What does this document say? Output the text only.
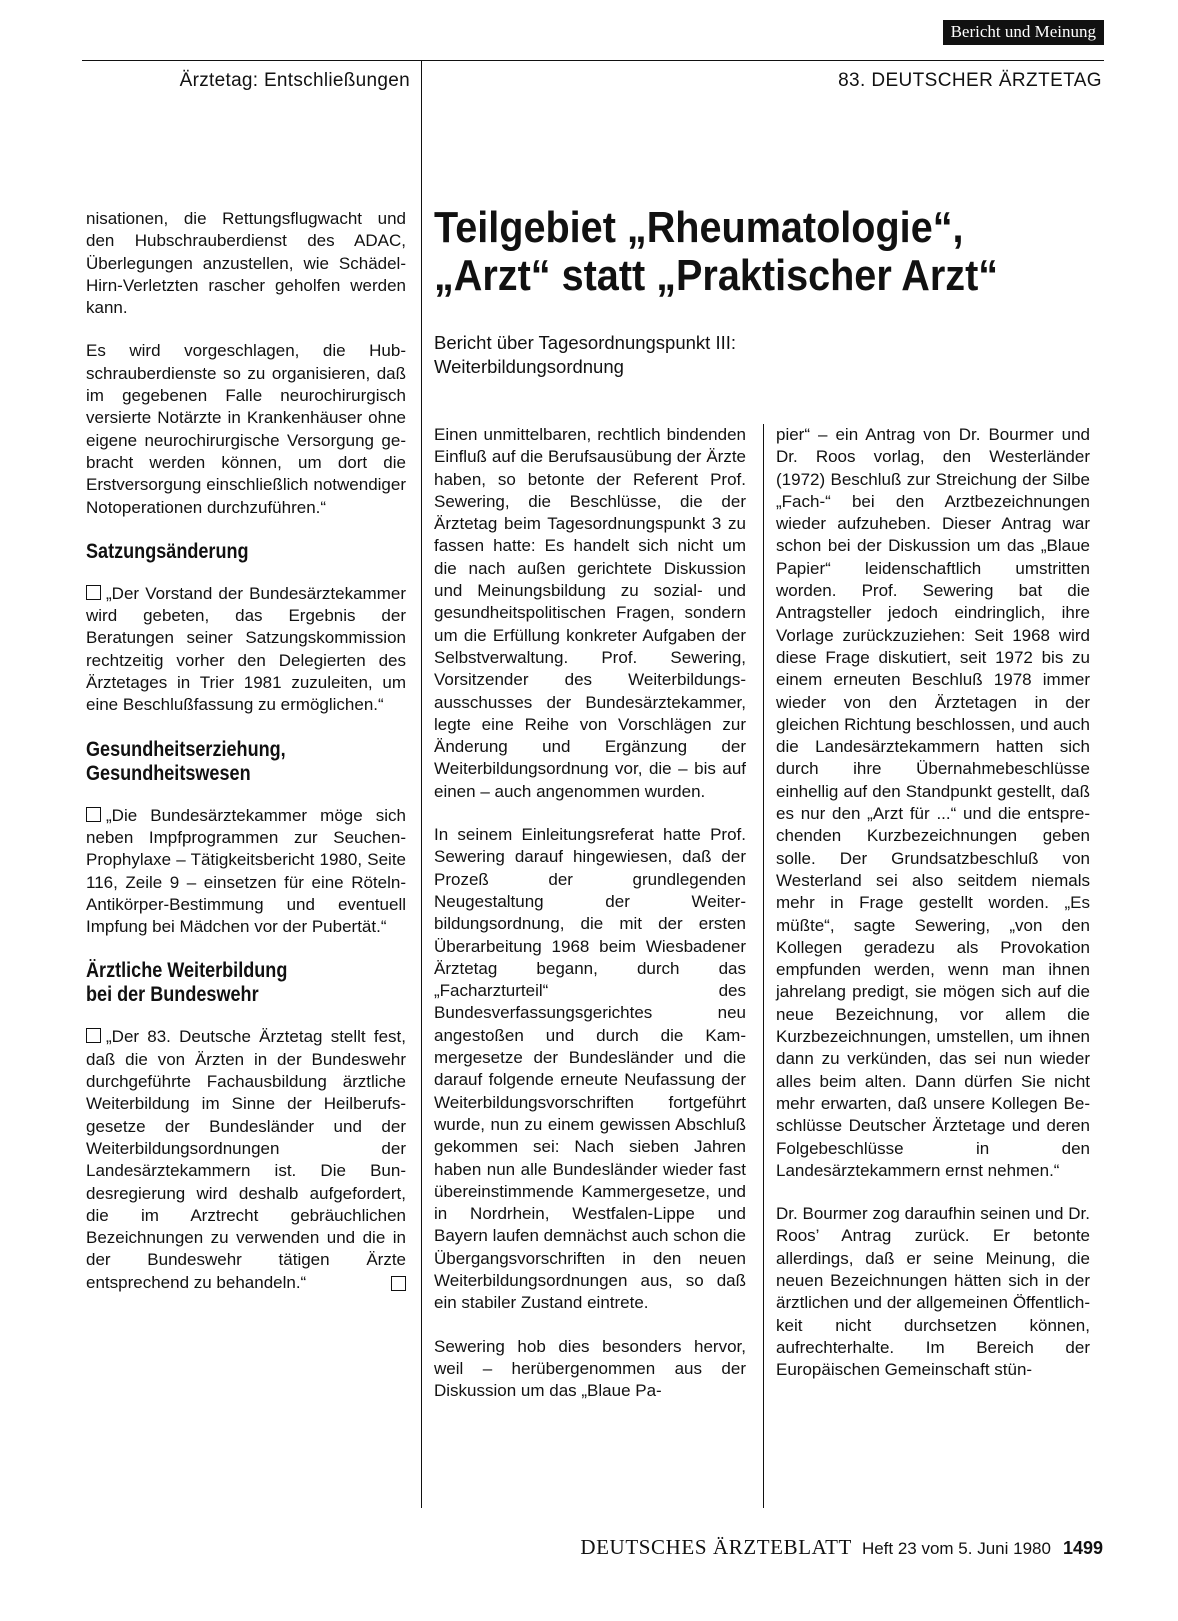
Bericht und Meinung
Ärztetag: Entschließungen	83. DEUTSCHER ÄRZTETAG

nisationen, die Rettungsflugwacht und den Hubschrauberdienst des ADAC, Überlegungen anzustellen, wie Schädel-Hirn-Verletzten rascher geholfen werden kann.

Es wird vorgeschlagen, die Hubschrauberdienste so zu organisieren, daß im gegebenen Falle neurochirurgisch versierte Notärzte in Krankenhäuser ohne eigene neurochirurgische Versorgung gebracht werden können, um dort die Erstversorgung einschließlich notwendiger Notoperationen durchzuführen.“

Satzungsänderung

„Der Vorstand der Bundesärztekammer wird gebeten, das Ergebnis der Beratungen seiner Satzungskommission rechtzeitig vorher den Delegierten des Ärztetages in Trier 1981 zuzuleiten, um eine Beschlußfassung zu ermöglichen.“

Gesundheitserziehung,
Gesundheitswesen

„Die Bundesärztekammer möge sich neben Impfprogrammen zur Seuchen-Prophylaxe – Tätigkeitsbericht 1980, Seite 116, Zeile 9 – einsetzen für eine Röteln-Antikörper-Bestimmung und eventuell Impfung bei Mädchen vor der Pubertät.“

Ärztliche Weiterbildung
bei der Bundeswehr

„Der 83. Deutsche Ärztetag stellt fest, daß die von Ärzten in der Bundeswehr durchgeführte Fachausbildung ärztliche Weiterbildung im Sinne der Heilberufsgesetze der Bundesländer und der Weiterbildungsordnungen der Landesärztekammern ist. Die Bundesregierung wird deshalb aufgefordert, die im Arztrecht gebräuchlichen Bezeichnungen zu verwenden und die in der Bundeswehr tätigen Ärzte entsprechend zu behandeln.“

Teilgebiet „Rheumatologie“,
„Arzt“ statt „Praktischer Arzt“
Bericht über Tagesordnungspunkt III:
Weiterbildungsordnung

Einen unmittelbaren, rechtlich bindenden Einfluß auf die Berufsausübung der Ärzte haben, so betonte der Referent Prof. Sewering, die Beschlüsse, die der Ärztetag beim Tagesordnungspunkt 3 zu fassen hatte: Es handelt sich nicht um die nach außen gerichtete Diskussion und Meinungsbildung zu sozial- und gesundheitspolitischen Fragen, sondern um die Erfüllung konkreter Aufgaben der Selbstverwaltung. Prof. Sewering, Vorsitzender des Weiterbildungsausschusses der Bundesärztekammer, legte eine Reihe von Vorschlägen zur Änderung und Ergänzung der Weiterbildungsordnung vor, die – bis auf einen – auch angenommen wurden.

In seinem Einleitungsreferat hatte Prof. Sewering darauf hingewiesen, daß der Prozeß der grundlegenden Neugestaltung der Weiterbildungsordnung, die mit der ersten Überarbeitung 1968 beim Wiesbadener Ärztetag begann, durch das „Facharzturteil“ des Bundesverfassungsgerichtes neu angestoßen und durch die Kammergesetze der Bundesländer und die darauf folgende erneute Neufassung der Weiterbildungsvorschriften fortgeführt wurde, nun zu einem gewissen Abschluß gekommen sei: Nach sieben Jahren haben nun alle Bundesländer wieder fast übereinstimmende Kammergesetze, und in Nordrhein, Westfalen-Lippe und Bayern laufen demnächst auch schon die Übergangsvorschriften in den neuen Weiterbildungsordnungen aus, so daß ein stabiler Zustand eintrete.

Sewering hob dies besonders hervor, weil – herübergenommen aus der Diskussion um das „Blaue Pa-

pier“ – ein Antrag von Dr. Bourmer und Dr. Roos vorlag, den Westerländer (1972) Beschluß zur Streichung der Silbe „Fach-“ bei den Arztbezeichnungen wieder aufzuheben. Dieser Antrag war schon bei der Diskussion um das „Blaue Papier“ leidenschaftlich umstritten worden. Prof. Sewering bat die Antragsteller jedoch eindringlich, ihre Vorlage zurückzuziehen: Seit 1968 wird diese Frage diskutiert, seit 1972 bis zu einem erneuten Beschluß 1978 immer wieder von den Ärztetagen in der gleichen Richtung beschlossen, und auch die Landesärztekammern hatten sich durch ihre Übernahmebeschlüsse einhellig auf den Standpunkt gestellt, daß es nur den „Arzt für ...“ und die entsprechenden Kurzbezeichnungen geben solle. Der Grundsatzbeschluß von Westerland sei also seitdem niemals mehr in Frage gestellt worden. „Es müßte“, sagte Sewering, „von den Kollegen geradezu als Provokation empfunden werden, wenn man ihnen jahrelang predigt, sie mögen sich auf die neue Bezeichnung, vor allem die Kurzbezeichnungen, umstellen, um ihnen dann zu verkünden, das sei nun wieder alles beim alten. Dann dürfen Sie nicht mehr erwarten, daß unsere Kollegen Beschlüsse Deutscher Ärztetage und deren Folgebeschlüsse in den Landesärztekammern ernst nehmen.“

Dr. Bourmer zog daraufhin seinen und Dr. Roos’ Antrag zurück. Er betonte allerdings, daß er seine Meinung, die neuen Bezeichnungen hätten sich in der ärztlichen und der allgemeinen Öffentlichkeit nicht durchsetzen können, aufrechterhalte. Im Bereich der Europäischen Gemeinschaft stün-

DEUTSCHES ÄRZTEBLATT Heft 23 vom 5. Juni 1980 1499
